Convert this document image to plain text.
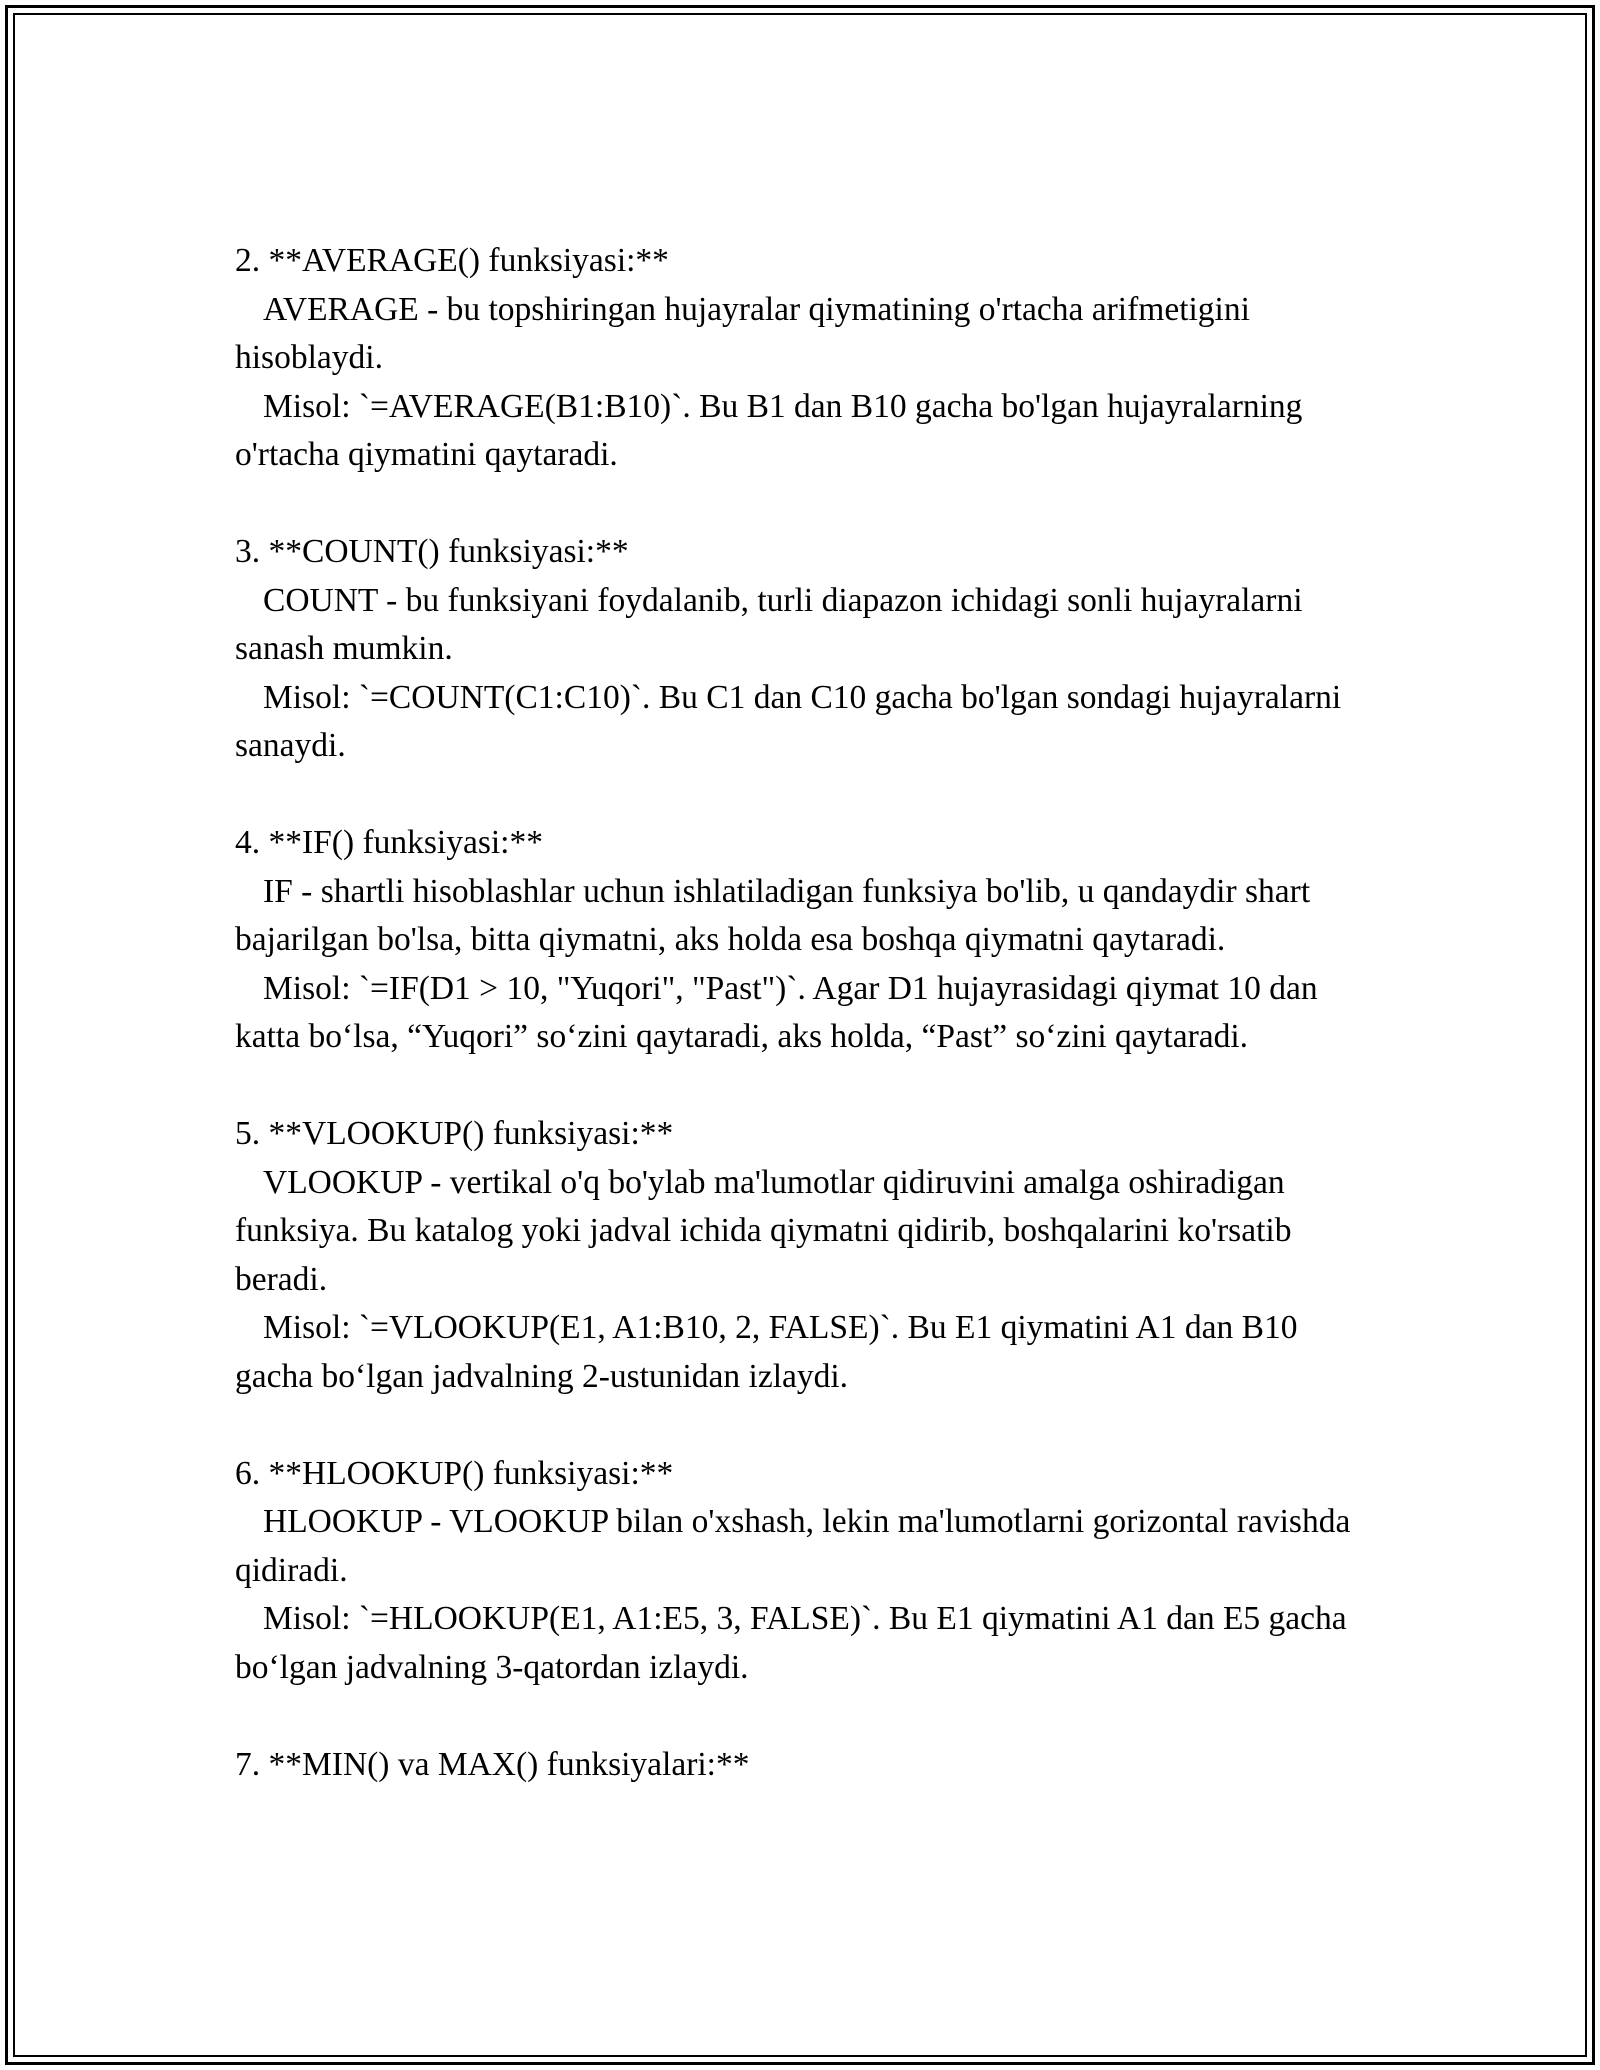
2. **AVERAGE() funksiyasi:**

AVERAGE - bu topshiringan hujayralar qiymatining o'rtacha arifmetigini hisoblaydi.

Misol: `=AVERAGE(B1:B10)`. Bu B1 dan B10 gacha bo'lgan hujayralarning o'rtacha qiymatini qaytaradi.

3. **COUNT() funksiyasi:**

COUNT - bu funksiyani foydalanib, turli diapazon ichidagi sonli hujayralarni sanash mumkin.

Misol: `=COUNT(C1:C10)`. Bu C1 dan C10 gacha bo'lgan sondagi hujayralarni sanaydi.

4. **IF() funksiyasi:**

IF - shartli hisoblashlar uchun ishlatiladigan funksiya bo'lib, u qandaydir shart bajarilgan bo'lsa, bitta qiymatni, aks holda esa boshqa qiymatni qaytaradi.

Misol: `=IF(D1 > 10, "Yuqori", "Past")`. Agar D1 hujayrasidagi qiymat 10 dan katta bo‘lsa, “Yuqori” so‘zini qaytaradi, aks holda, “Past” so‘zini qaytaradi.

5. **VLOOKUP() funksiyasi:**

VLOOKUP - vertikal o'q bo'ylab ma'lumotlar qidiruvini amalga oshiradigan funksiya. Bu katalog yoki jadval ichida qiymatni qidirib, boshqalarini ko'rsatib beradi.

Misol: `=VLOOKUP(E1, A1:B10, 2, FALSE)`. Bu E1 qiymatini A1 dan B10 gacha bo‘lgan jadvalning 2-ustunidan izlaydi.

6. **HLOOKUP() funksiyasi:**

HLOOKUP - VLOOKUP bilan o'xshash, lekin ma'lumotlarni gorizontal ravishda qidiradi.

Misol: `=HLOOKUP(E1, A1:E5, 3, FALSE)`. Bu E1 qiymatini A1 dan E5 gacha bo‘lgan jadvalning 3-qatordan izlaydi.

7. **MIN() va MAX() funksiyalari:**
